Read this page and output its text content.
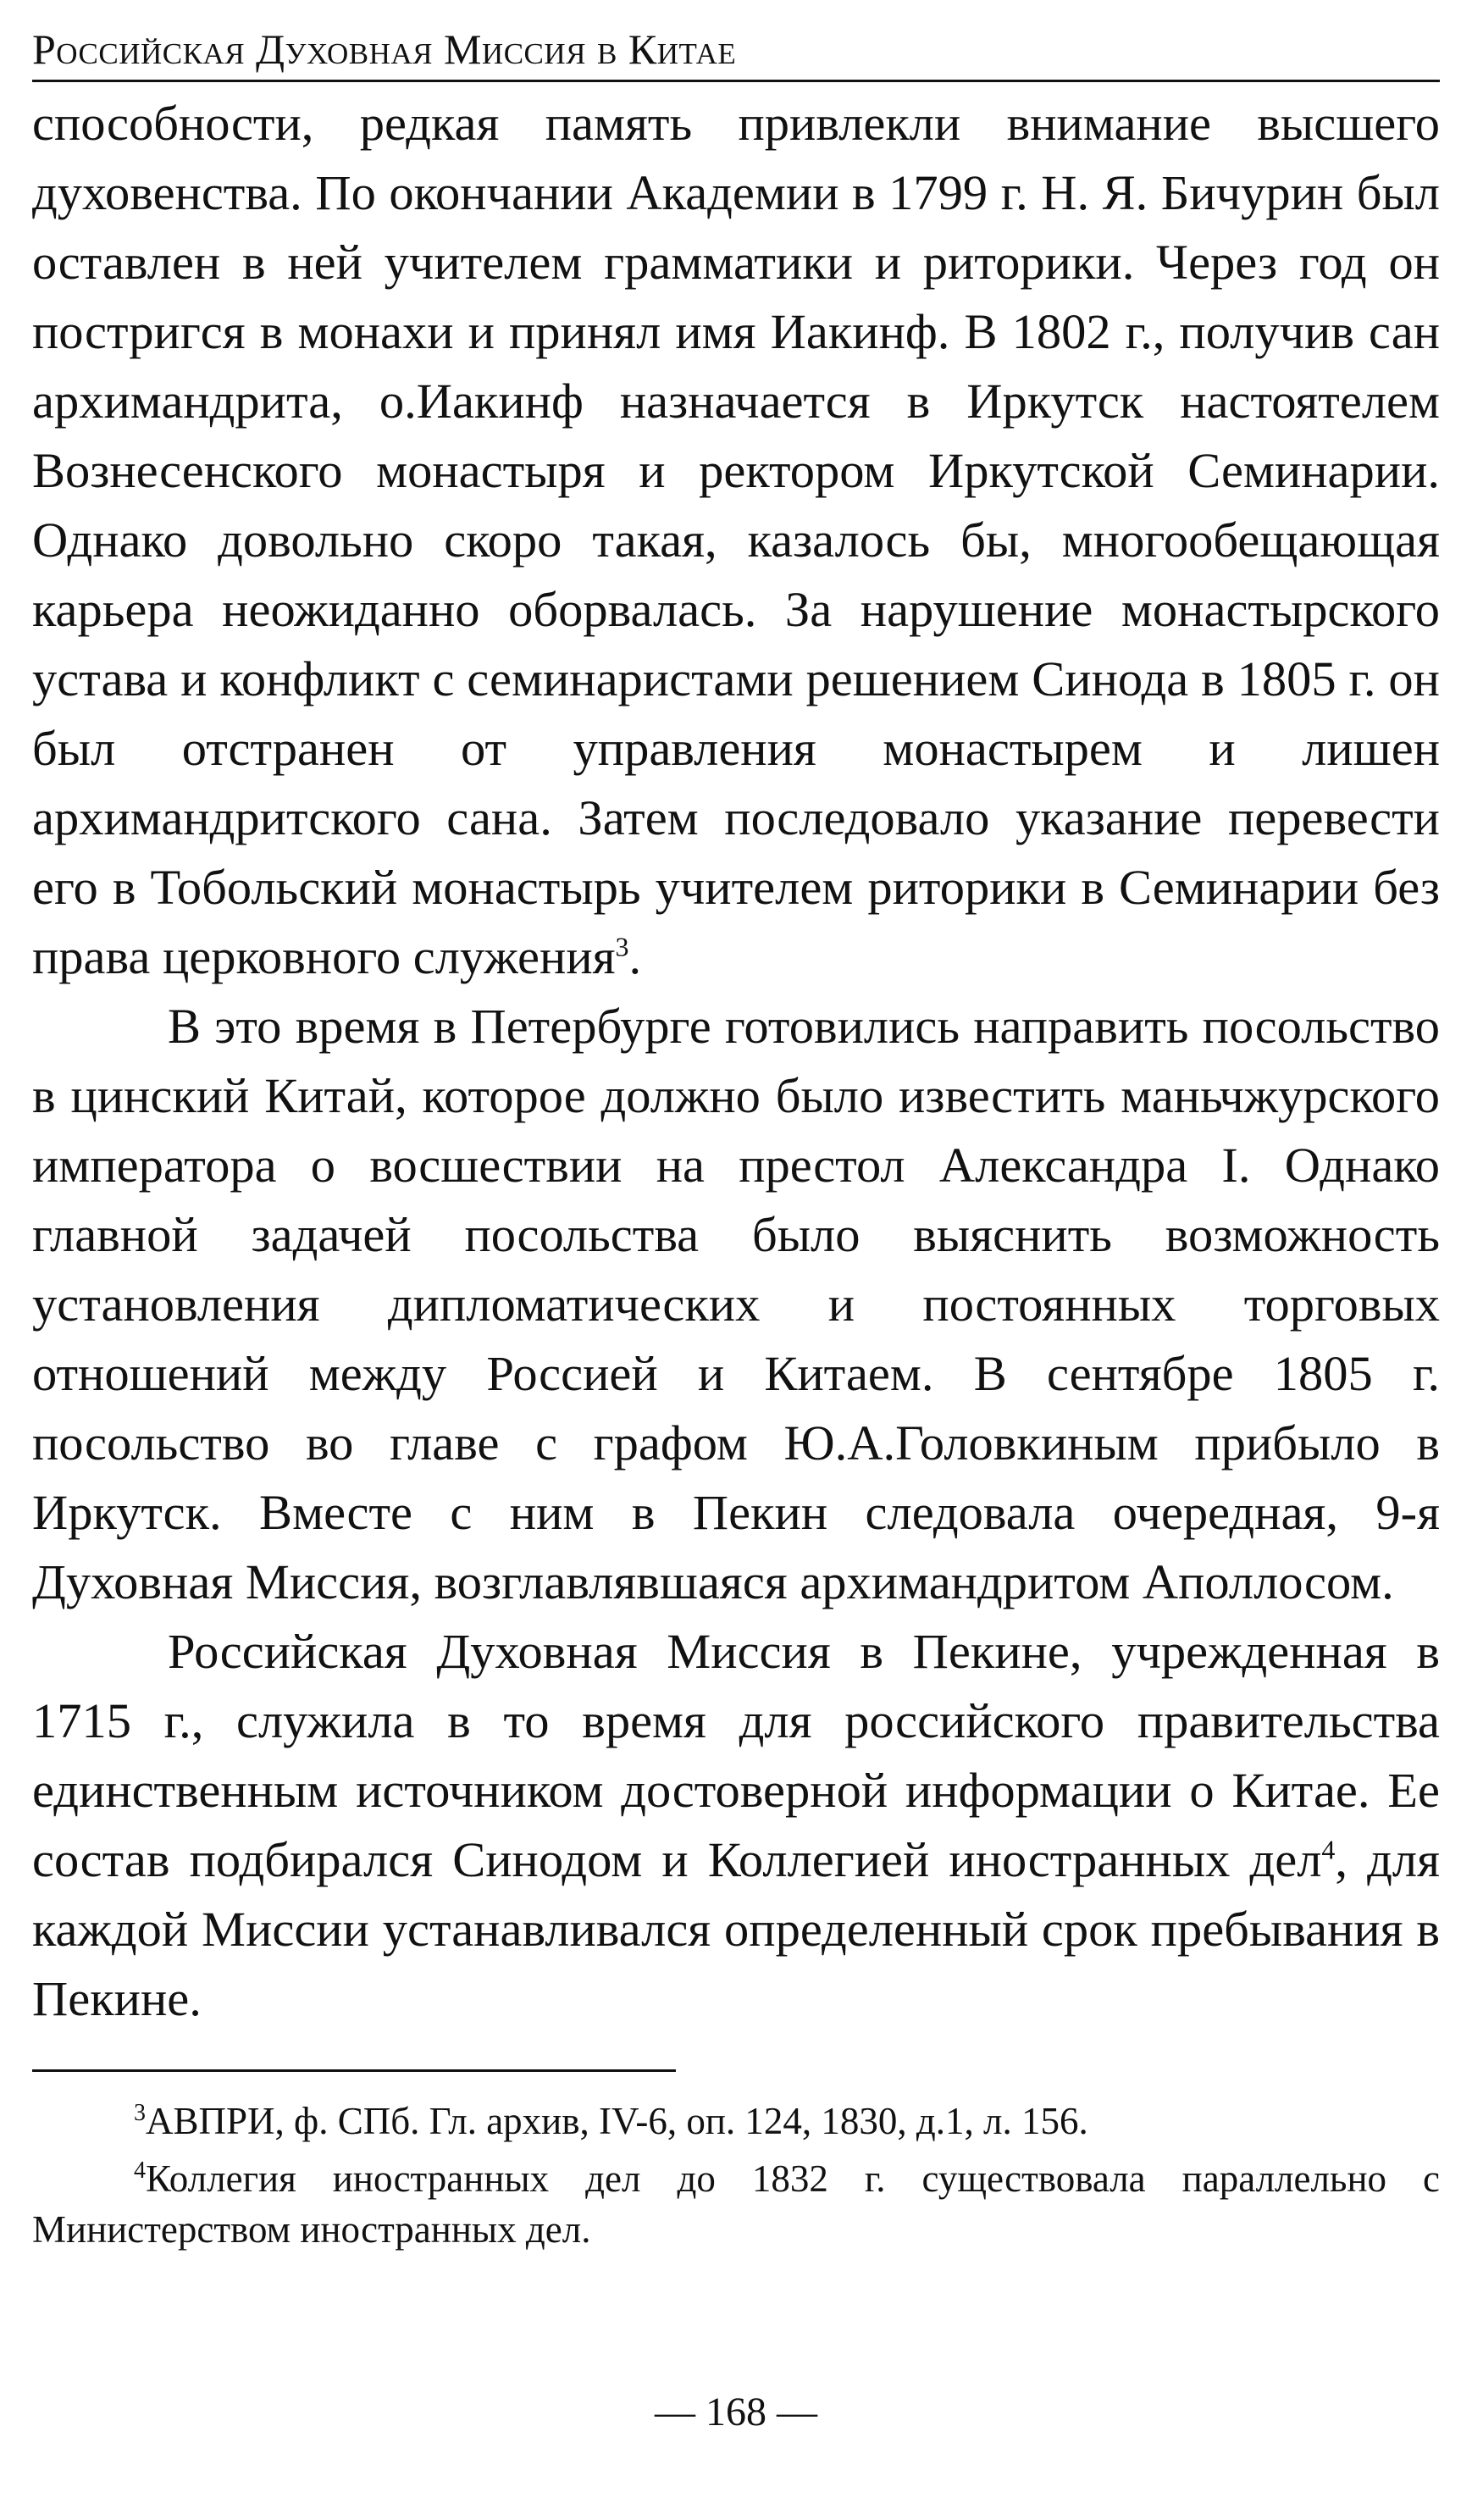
Российская Духовная Миссия в Китае

способности, редкая память привлекли внимание высшего духовенства. По окончании Академии в 1799 г. Н. Я. Бичурин был оставлен в ней учителем грамматики и риторики. Через год он постригся в монахи и принял имя Иакинф. В 1802 г., получив сан архимандрита, о.Иакинф назначается в Иркутск настоятелем Вознесенского монастыря и ректором Иркутской Семинарии. Однако довольно скоро такая, казалось бы, многообещающая карьера неожиданно оборвалась. За нарушение монастырского устава и конфликт с семинаристами решением Синода в 1805 г. он был отстранен от управления монастырем и лишен архимандритского сана. Затем последовало указание перевести его в Тобольский монастырь учителем риторики в Семинарии без права церковного служения$^3$.

В это время в Петербурге готовились направить посольство в цинский Китай, которое должно было известить маньчжурского императора о восшествии на престол Александра I. Однако главной задачей посольства было выяснить возможность установления дипломатических и постоянных торговых отношений между Россией и Китаем. В сентябре 1805 г. посольство во главе с графом Ю.А.Головкиным прибыло в Иркутск. Вместе с ним в Пекин следовала очередная, 9-я Духовная Миссия, возглавлявшаяся архимандритом Аполлосом.

Российская Духовная Миссия в Пекине, учрежденная в 1715 г., служила в то время для российского правительства единственным источником достоверной информации о Китае. Ее состав подбирался Синодом и Коллегией иностранных дел$^4$, для каждой Миссии устанавливался определенный срок пребывания в Пекине.

$^3$АВПРИ, ф. СПб. Гл. архив, IV-6, оп. 124, 1830, д.1, л. 156.

$^4$Коллегия иностранных дел до 1832 г. существовала параллельно с Министерством иностранных дел.

— 168 —
